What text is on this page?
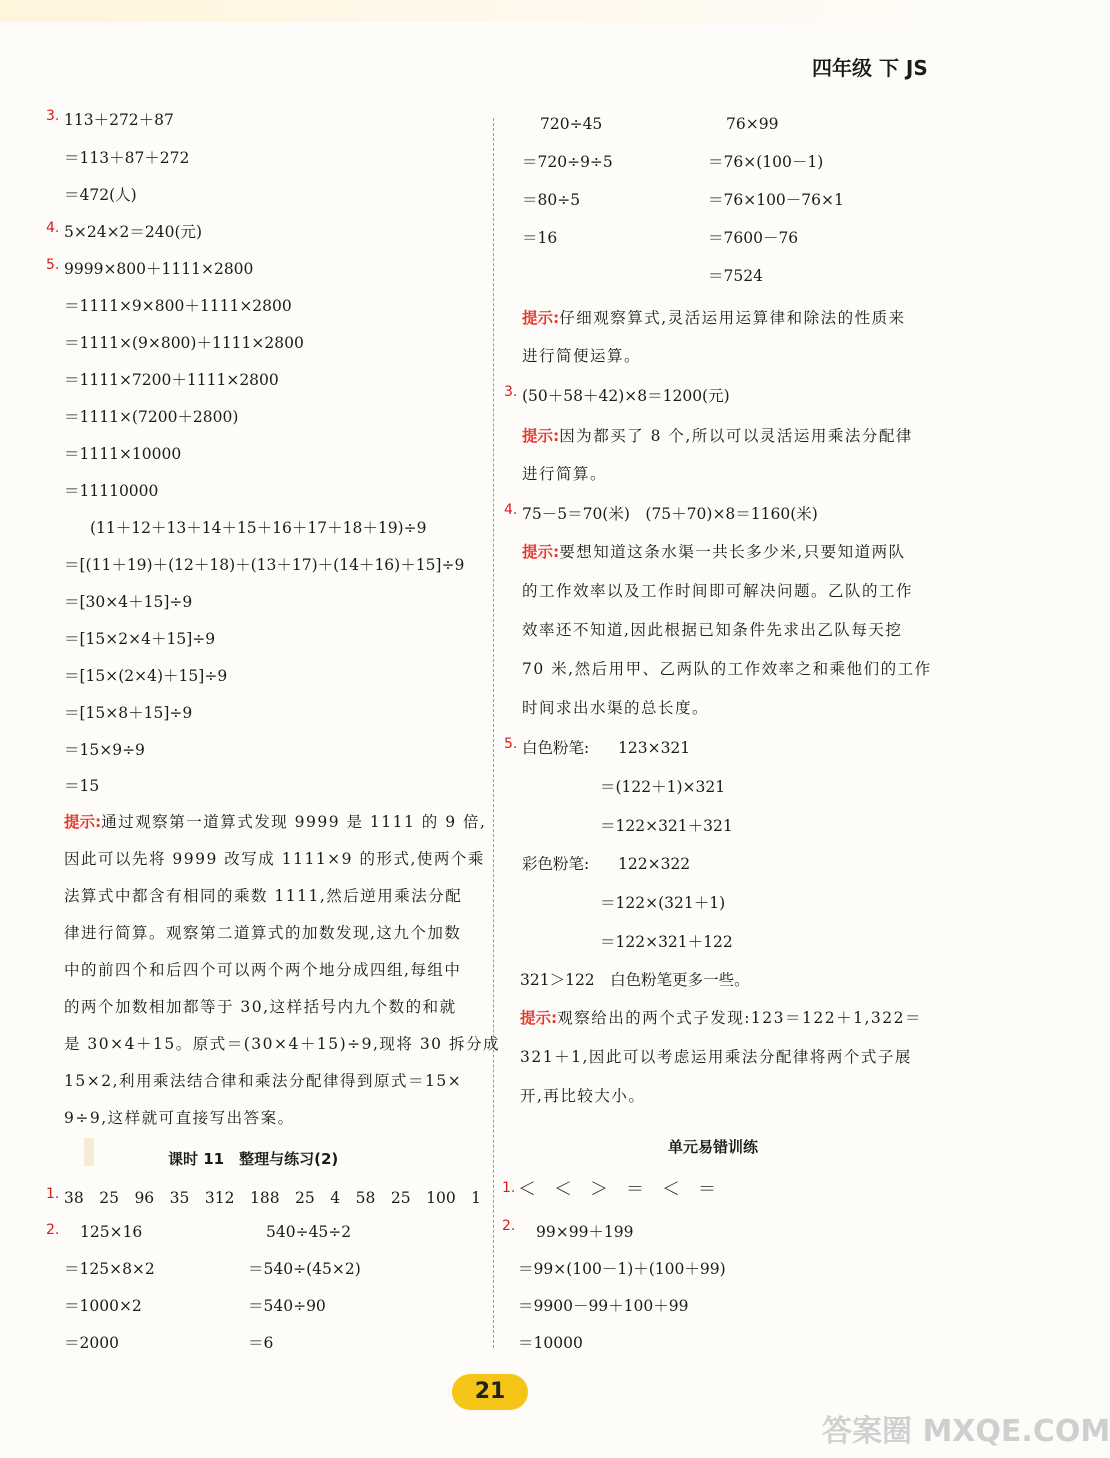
四年级 下 JS
3. 113＋272＋87
＝113＋87＋272
＝472(人)
4. 5×24×2＝240(元)
5. 9999×800＋1111×2800
＝1111×9×800＋1111×2800
＝1111×(9×800)＋1111×2800
＝1111×7200＋1111×2800
＝1111×(7200＋2800)
＝1111×10000
＝11110000
(11＋12＋13＋14＋15＋16＋17＋18＋19)÷9
＝[(11＋19)＋(12＋18)＋(13＋17)＋(14＋16)＋15]÷9
＝[30×4＋15]÷9
＝[15×2×4＋15]÷9
＝[15×(2×4)＋15]÷9
＝[15×8＋15]÷9
＝15×9÷9
＝15
提示:通过观察第一道算式发现 9999 是 1111 的 9 倍,
因此可以先将 9999 改写成 1111×9 的形式,使两个乘
法算式中都含有相同的乘数 1111,然后逆用乘法分配
律进行简算。观察第二道算式的加数发现,这九个加数
中的前四个和后四个可以两个两个地分成四组,每组中
的两个加数相加都等于 30,这样括号内九个数的和就
是 30×4＋15。原式＝(30×4＋15)÷9,现将 30 拆分成
15×2,利用乘法结合律和乘法分配律得到原式＝15×
9÷9,这样就可直接写出答案。
课时 11　整理与练习(2)
1. 38　25　96　35　312　188　25　4　58　25　100　1
2. 125×16
＝125×8×2
＝1000×2
＝2000
540÷45÷2
＝540÷(45×2)
＝540÷90
＝6
720÷45
＝720÷9÷5
＝80÷5
＝16
76×99
＝76×(100－1)
＝76×100－76×1
＝7600－76
＝7524
提示:仔细观察算式,灵活运用运算律和除法的性质来
进行简便运算。
3. (50＋58＋42)×8＝1200(元)
提示:因为都买了 8 个,所以可以灵活运用乘法分配律
进行简算。
4. 75－5＝70(米)　(75＋70)×8＝1160(米)
提示:要想知道这条水渠一共长多少米,只要知道两队
的工作效率以及工作时间即可解决问题。乙队的工作
效率还不知道,因此根据已知条件先求出乙队每天挖
70 米,然后用甲、乙两队的工作效率之和乘他们的工作
时间求出水渠的总长度。
5. 白色粉笔: 123×321
＝(122＋1)×321
＝122×321＋321
彩色粉笔: 122×322
＝122×(321＋1)
＝122×321＋122
321＞122　白色粉笔更多一些。
提示:观察给出的两个式子发现:123＝122＋1,322＝
321＋1,因此可以考虑运用乘法分配律将两个式子展
开,再比较大小。
单元易错训练
1. ＜　＜　＞　＝　＜　＝
2. 99×99＋199
＝99×(100－1)＋(100＋99)
＝9900－99＋100＋99
＝10000
21
答案圈 MXQE.COM
